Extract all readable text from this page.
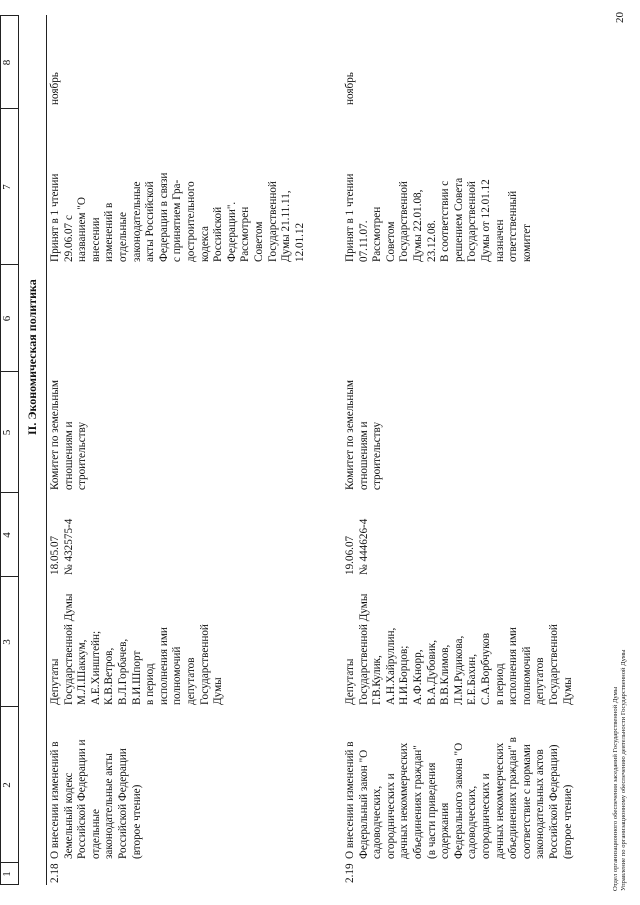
1
2
3
4
5
6
7
8
II. Экономическая политика
2.18
О внесении изменений в
Земельный кодекс
Российской Федерации и
отдельные
законодательные акты
Российской Федерации
(второе чтение)
Депутаты
Государственной Думы
М.Л.Шаккум,
А.Е.Хинштейн;
К.В.Ветров,
В.Л.Горбачев,
В.И.Шпорт
в период
исполнения ими
полномочий
депутатов
Государственной
Думы
18.05.07
№ 432575-4
Комитет по земельным
отношениям и
строительству
Принят в 1 чтении
29.06.07 с
названием "О
внесении
изменений в
отдельные
законодательные
акты Российской
Федерации в связи
с принятием Гра-
достроительного
кодекса
Российской
Федерации".
Рассмотрен
Советом
Государственной
Думы 21.11.11,
12.01.12
ноябрь
2.19
О внесении изменений в
Федеральный закон "О
садоводческих,
огороднических и
дачных некоммерческих
объединениях граждан"
(в части приведения
содержания
Федерального закона "О
садоводческих,
огороднических и
дачных некоммерческих
объединениях граждан" в
соответствие с нормами
законодательных актов
Российской Федерации)
(второе чтение)
Депутаты
Государственной Думы
Г.В.Кулик,
А.Н.Хайруллин,
Н.И.Борцов;
А.Ф.Кнорр,
В.А.Дубовик,
В.В.Климов,
Л.М.Рудикова,
Е.Е.Бахин,
С.А.Ворбчуков
в период
исполнения ими
полномочий
депутатов
Государственной
Думы
19.06.07
№ 444626-4
Комитет по земельным
отношениям и
строительству
Принят в 1 чтении
07.11.07.
Рассмотрен
Советом
Государственной
Думы 22.01.08,
23.12.08.
В соответствии с
решением Совета
Государственной
Думы от 12.01.12
назначен
ответственный
комитет
ноябрь
Отдел организационного обеспечения заседаний Государственной Думы Управление по организационному обеспечению деятельности Государственной Думы
20
